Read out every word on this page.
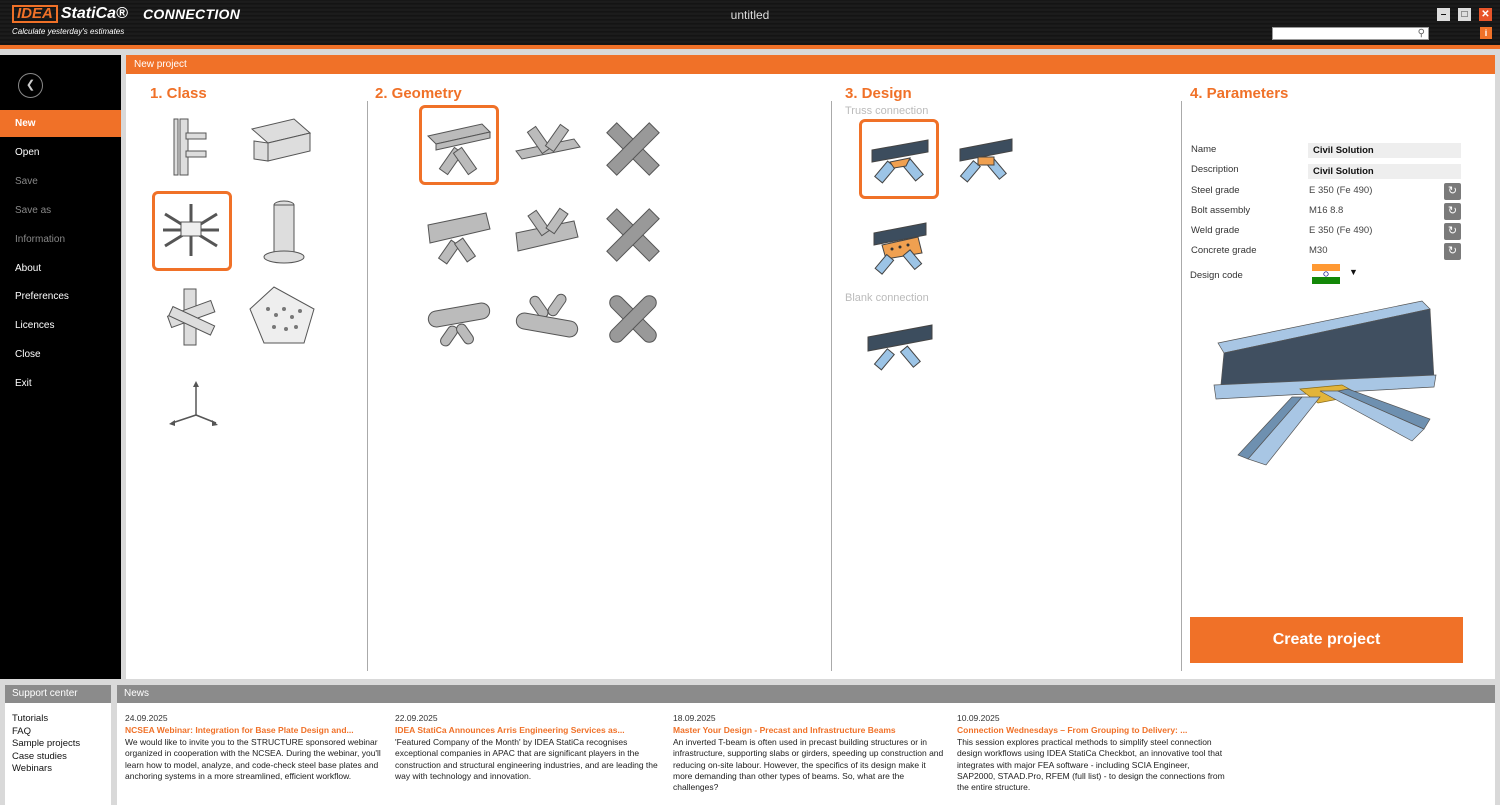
IDEA StatiCa® CONNECTION
Calculate yesterday's estimates
untitled	–	□	✕
⚲	i
❮
New
Open
Save
Save as
Information
About
Preferences
Licences
Close
Exit
New project
1. Class	2. Geometry	3. Design	4. Parameters
Truss connection
Blank connection
Name	Civil Solution
Description	Civil Solution
Steel grade	E 350 (Fe 490)	↻
Bolt assembly	M16 8.8	↻
Weld grade	E 350 (Fe 490)	↻
Concrete grade	M30	↻
Design code	▼
Create project
Support center
Tutorials
FAQ
Sample projects
Case studies
Webinars
News
24.09.2025
NCSEA Webinar: Integration for Base Plate Design and...
We would like to invite you to the STRUCTURE sponsored webinar organized in cooperation with the NCSEA. During the webinar, you'll learn how to model, analyze, and code-check steel base plates and anchoring systems in a more streamlined, efficient workflow.
22.09.2025
IDEA StatiCa Announces Arris Engineering Services as...
'Featured Company of the Month' by IDEA StatiCa recognises exceptional companies in APAC that are significant players in the construction and structural engineering industries, and are leading the way with technology and innovation.
18.09.2025
Master Your Design - Precast and Infrastructure Beams
An inverted T-beam is often used in precast building structures or in infrastructure, supporting slabs or girders, speeding up construction and reducing on-site labour. However, the specifics of its design make it more demanding than other types of beams. So, what are the challenges?
10.09.2025
Connection Wednesdays – From Grouping to Delivery: ...
This session explores practical methods to simplify steel connection design workflows using IDEA StatiCa Checkbot, an innovative tool that integrates with major FEA software - including SCIA Engineer, SAP2000, STAAD.Pro, RFEM (full list) - to design the connections from the entire structure.
